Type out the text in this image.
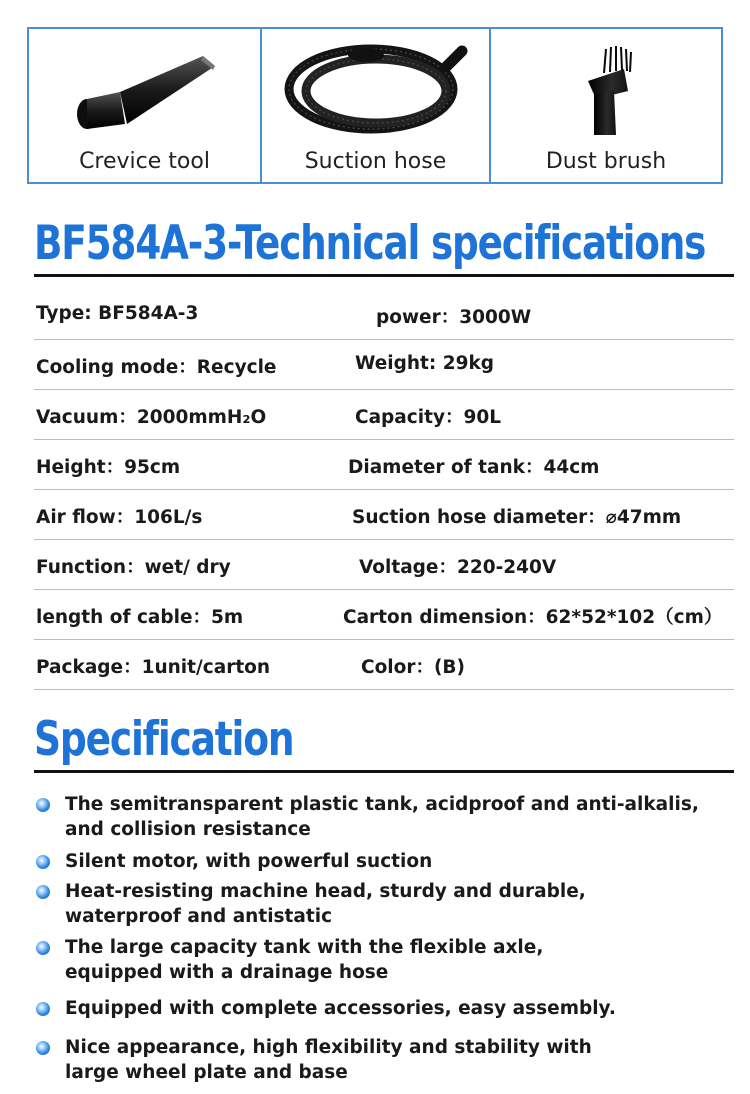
Crevice tool	Suction hose	Dust brush
BF584A-3-Technical specifications
Type: BF584A-3	power：3000W
Cooling mode：Recycle	Weight: 29kg
Vacuum：2000mmH₂O	Capacity：90L
Height：95cm	Diameter of tank：44cm
Air flow：106L/s	Suction hose diameter：⌀47mm
Function：wet/ dry	Voltage：220-240V
length of cable：5m	Carton dimension：62*52*102（cm）
Package：1unit/carton	Color：(B)
Specification
The semitransparent plastic tank, acidproof and anti-alkalis,
and collision resistance
Silent motor, with powerful suction
Heat-resisting machine head, sturdy and durable,
waterproof and antistatic
The large capacity tank with the flexible axle,
equipped with a drainage hose
Equipped with complete accessories, easy assembly.
Nice appearance, high flexibility and stability with
large wheel plate and base
